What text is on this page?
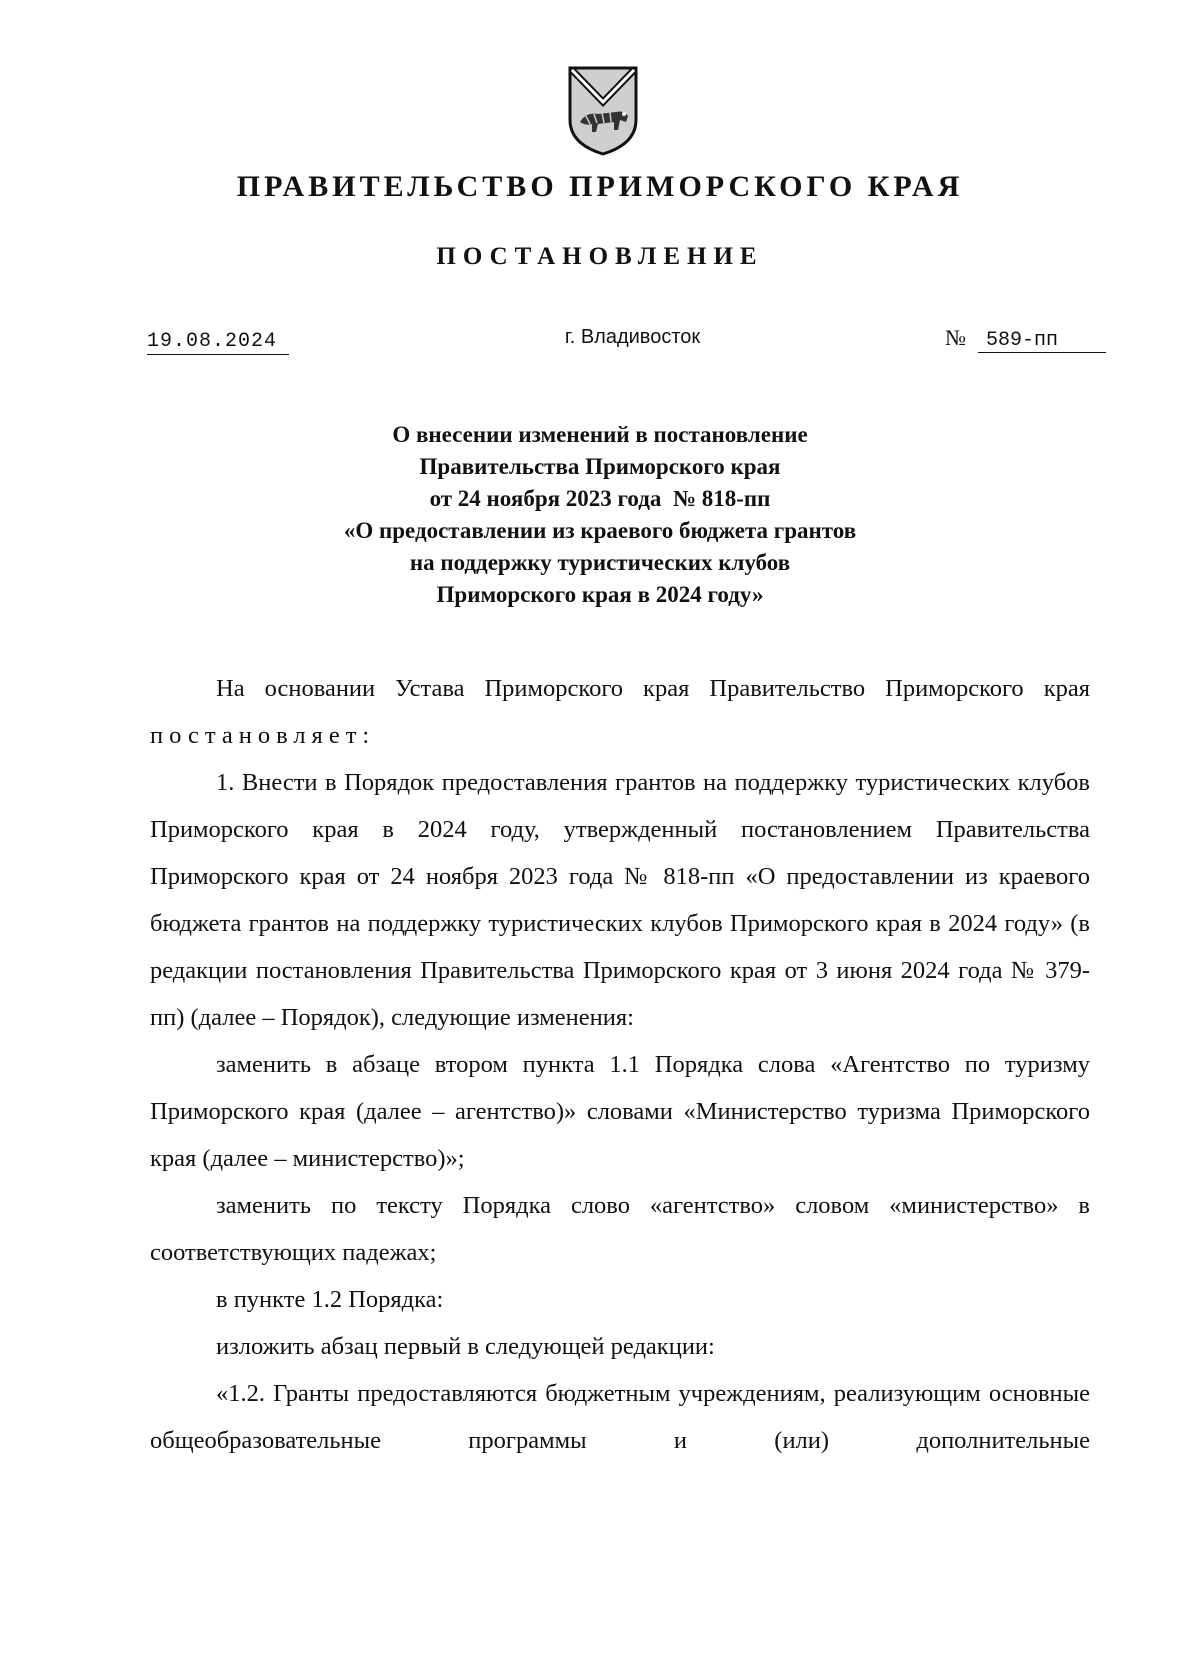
ПРАВИТЕЛЬСТВО ПРИМОРСКОГО КРАЯ
ПОСТАНОВЛЕНИЕ
19.08.2024	г. Владивосток	№ 589-пп
О внесении изменений в постановление
Правительства Приморского края
от 24 ноября 2023 года  № 818-пп
«О предоставлении из краевого бюджета грантов
на поддержку туристических клубов
Приморского края в 2024 году»

На основании Устава Приморского края Правительство Приморского края постановляет:

1. Внести в Порядок предоставления грантов на поддержку туристических клубов Приморского края в 2024 году, утвержденный постановлением Правительства Приморского края от 24 ноября 2023 года № 818-пп «О предоставлении из краевого бюджета грантов на поддержку туристических клубов Приморского края в 2024 году» (в редакции постановления Правительства Приморского края от 3 июня 2024 года № 379-пп) (далее – Порядок), следующие изменения:

заменить в абзаце втором пункта 1.1 Порядка слова «Агентство по туризму Приморского края (далее – агентство)» словами «Министерство туризма Приморского края (далее – министерство)»;

заменить по тексту Порядка слово «агентство» словом «министерство» в соответствующих падежах;

в пункте 1.2 Порядка:

изложить абзац первый в следующей редакции:

«1.2. Гранты предоставляются бюджетным учреждениям, реализующим основные общеобразовательные программы и (или) дополнительные
